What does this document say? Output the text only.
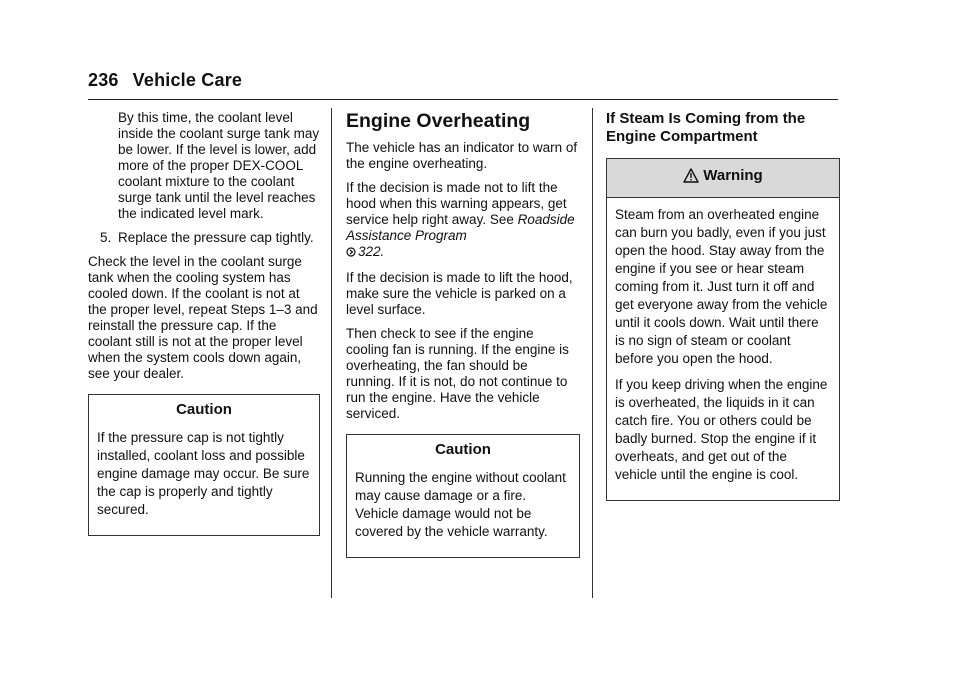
236 Vehicle Care

By this time, the coolant level inside the coolant surge tank may be lower. If the level is lower, add more of the proper DEX-COOL coolant mixture to the coolant surge tank until the level reaches the indicated level mark.

5. Replace the pressure cap tightly.

Check the level in the coolant surge tank when the cooling system has cooled down. If the coolant is not at the proper level, repeat Steps 1–3 and reinstall the pressure cap. If the coolant still is not at the proper level when the system cools down again, see your dealer.

Caution

If the pressure cap is not tightly installed, coolant loss and possible engine damage may occur. Be sure the cap is properly and tightly secured.

Engine Overheating

The vehicle has an indicator to warn of the engine overheating.

If the decision is made not to lift the hood when this warning appears, get service help right away. See Roadside Assistance Program
322.

If the decision is made to lift the hood, make sure the vehicle is parked on a level surface.

Then check to see if the engine cooling fan is running. If the engine is overheating, the fan should be running. If it is not, do not continue to run the engine. Have the vehicle serviced.

Caution

Running the engine without coolant may cause damage or a fire. Vehicle damage would not be covered by the vehicle warranty.

If Steam Is Coming from the Engine Compartment
Warning

Steam from an overheated engine can burn you badly, even if you just open the hood. Stay away from the engine if you see or hear steam coming from it. Just turn it off and get everyone away from the vehicle until it cools down. Wait until there is no sign of steam or coolant before you open the hood.

If you keep driving when the engine is overheated, the liquids in it can catch fire. You or others could be badly burned. Stop the engine if it overheats, and get out of the vehicle until the engine is cool.
